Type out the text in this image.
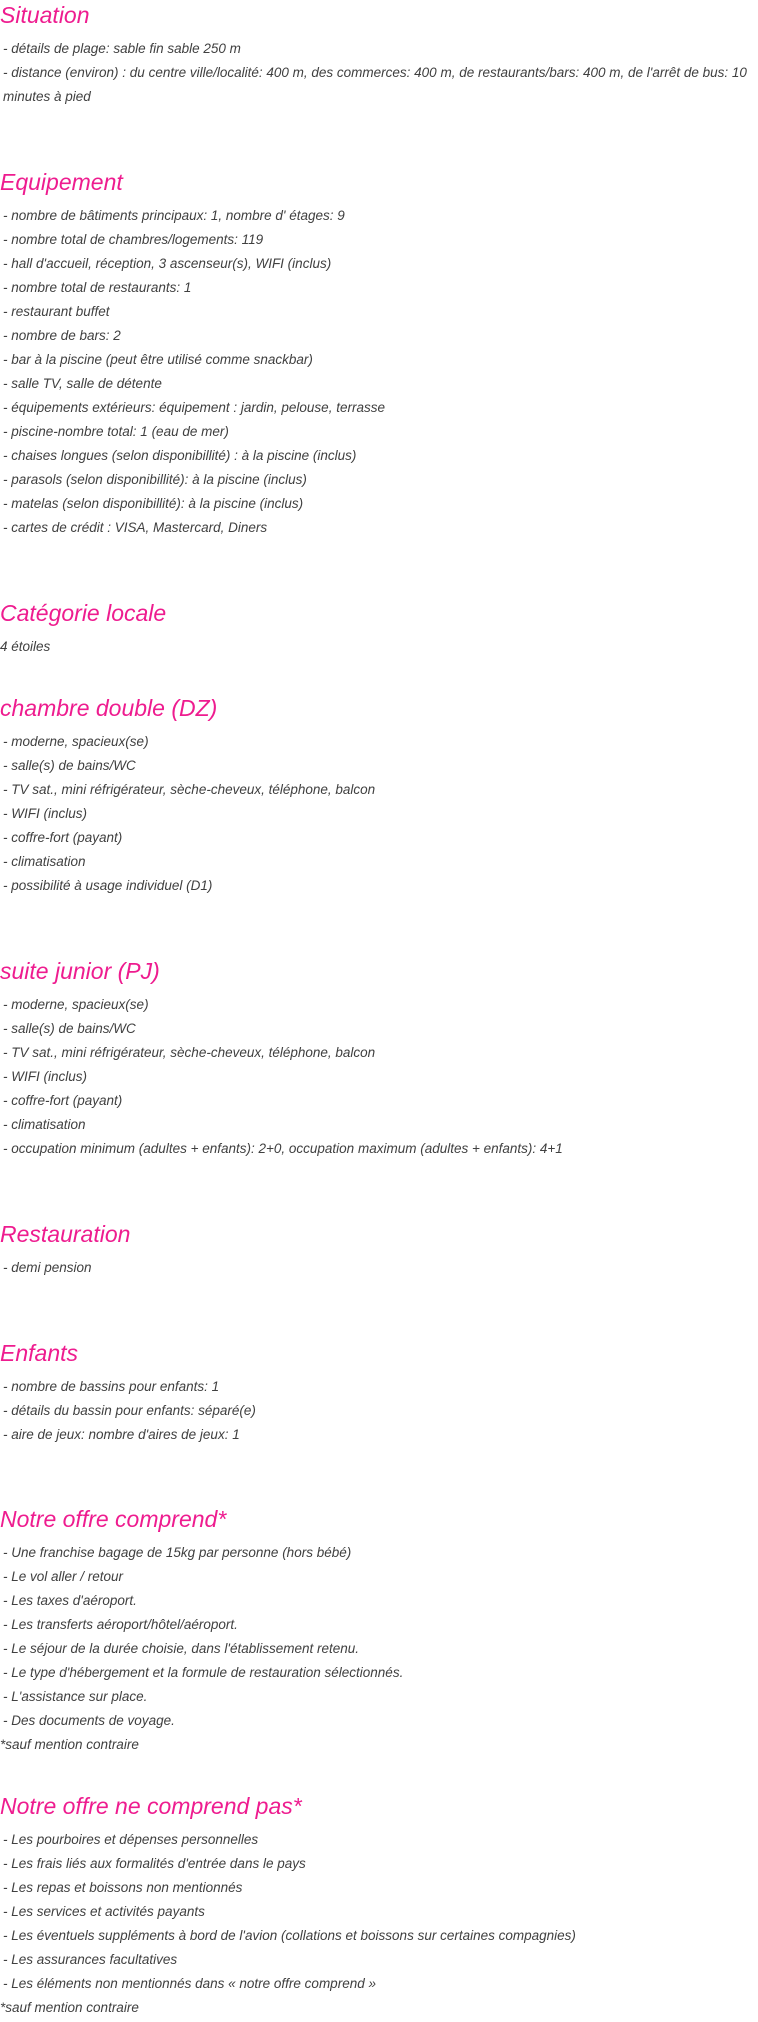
Situation
- détails de plage: sable fin sable 250 m
- distance (environ) : du centre ville/localité: 400 m, des commerces: 400 m, de restaurants/bars: 400 m, de l'arrêt de bus: 10 minutes à pied
Equipement
- nombre de bâtiments principaux: 1, nombre d' étages: 9
- nombre total de chambres/logements: 119
- hall d'accueil, réception, 3 ascenseur(s), WIFI (inclus)
- nombre total de restaurants: 1
- restaurant buffet
- nombre de bars: 2
- bar à la piscine (peut être utilisé comme snackbar)
- salle TV, salle de détente
- équipements extérieurs: équipement : jardin, pelouse, terrasse
- piscine-nombre total: 1 (eau de mer)
- chaises longues (selon disponibillité) : à la piscine (inclus)
- parasols (selon disponibillité): à la piscine (inclus)
- matelas (selon disponibillité): à la piscine (inclus)
- cartes de crédit : VISA, Mastercard, Diners
Catégorie locale
4 étoiles
chambre double (DZ)
- moderne, spacieux(se)
- salle(s) de bains/WC
- TV sat., mini réfrigérateur, sèche-cheveux, téléphone, balcon
- WIFI (inclus)
- coffre-fort (payant)
- climatisation
- possibilité à usage individuel (D1)
suite junior (PJ)
- moderne, spacieux(se)
- salle(s) de bains/WC
- TV sat., mini réfrigérateur, sèche-cheveux, téléphone, balcon
- WIFI (inclus)
- coffre-fort (payant)
- climatisation
- occupation minimum (adultes + enfants): 2+0, occupation maximum (adultes + enfants): 4+1
Restauration
- demi pension
Enfants
- nombre de bassins pour enfants: 1
- détails du bassin pour enfants: séparé(e)
- aire de jeux: nombre d'aires de jeux: 1
Notre offre comprend*
- Une franchise bagage de 15kg par personne (hors bébé)
- Le vol aller / retour
- Les taxes d'aéroport.
- Les transferts aéroport/hôtel/aéroport.
- Le séjour de la durée choisie, dans l'établissement retenu.
- Le type d'hébergement et la formule de restauration sélectionnés.
- L'assistance sur place.
- Des documents de voyage.
*sauf mention contraire
Notre offre ne comprend pas*
- Les pourboires et dépenses personnelles
- Les frais liés aux formalités d'entrée dans le pays
- Les repas et boissons non mentionnés
- Les services et activités payants
- Les éventuels suppléments à bord de l'avion (collations et boissons sur certaines compagnies)
- Les assurances facultatives
- Les éléments non mentionnés dans « notre offre comprend »
*sauf mention contraire
